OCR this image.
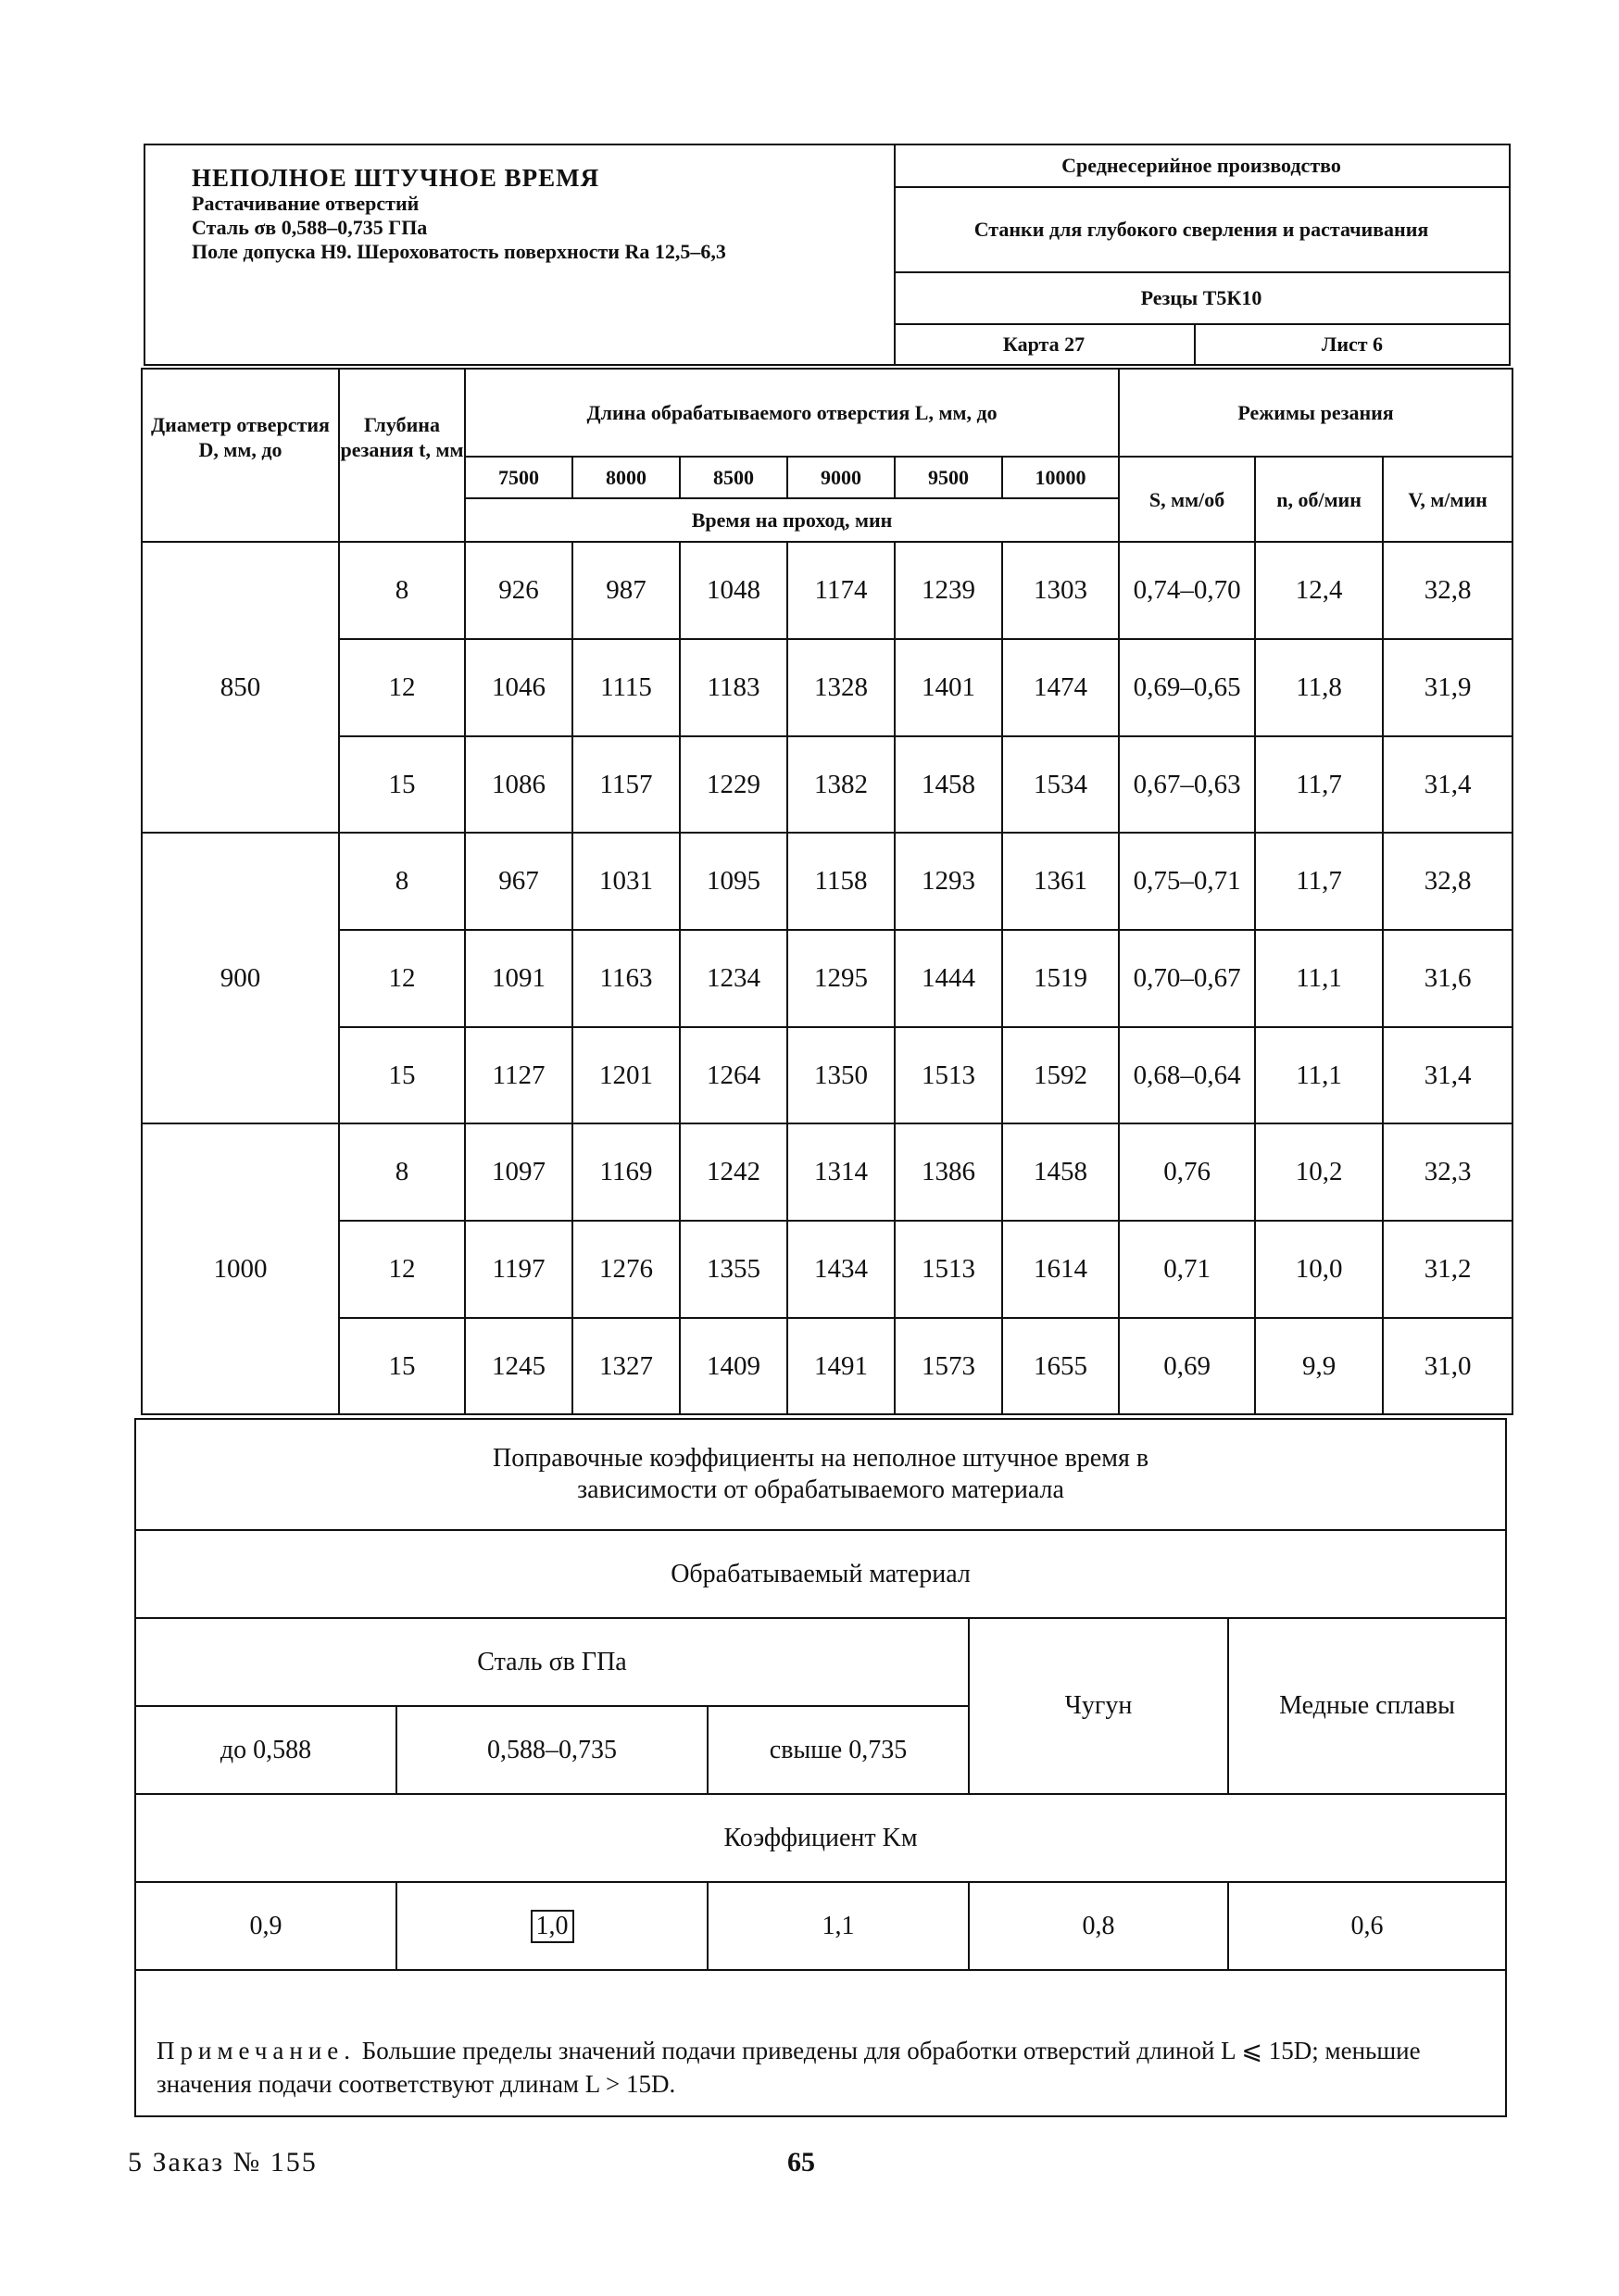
НЕПОЛНОЕ ШТУЧНОЕ ВРЕМЯ
Растачивание отверстий
Сталь σв 0,588–0,735 ГПа
Поле допуска Н9. Шероховатость поверхности Ra 12,5–6,3
Среднесерийное производство
Станки для глубокого сверления и растачивания
Резцы Т5К10
Карта 27	Лист 6
Диаметр отверстия D, мм, до	Глубина резания t, мм	Длина обрабатываемого отверстия L, мм, до						Режимы резания		
		7500	8000	8500	9000	9500	10000	S, мм/об	n, об/мин	V, м/мин
		Время на проход, мин								
850	8	926	987	1048	1174	1239	1303	0,74–0,70	12,4	32,8
	12	1046	1115	1183	1328	1401	1474	0,69–0,65	11,8	31,9
	15	1086	1157	1229	1382	1458	1534	0,67–0,63	11,7	31,4
900	8	967	1031	1095	1158	1293	1361	0,75–0,71	11,7	32,8
	12	1091	1163	1234	1295	1444	1519	0,70–0,67	11,1	31,6
	15	1127	1201	1264	1350	1513	1592	0,68–0,64	11,1	31,4
1000	8	1097	1169	1242	1314	1386	1458	0,76	10,2	32,3
	12	1197	1276	1355	1434	1513	1614	0,71	10,0	31,2
	15	1245	1327	1409	1491	1573	1655	0,69	9,9	31,0
Поправочные коэффициенты на неполное штучное время в зависимости от обрабатываемого материала				
Обрабатываемый материал				
Сталь σв ГПа			Чугун	Медные сплавы
до 0,588	0,588–0,735	свыше 0,735		
Коэффициент Kм				
0,9	1,0	1,1	0,8	0,6
Примечание. Большие пределы значений подачи приведены для обработки отверстий длиной L ⩽ 15D; меньшие значения подачи соответствуют длинам L > 15D.				
5 Заказ № 155	65
